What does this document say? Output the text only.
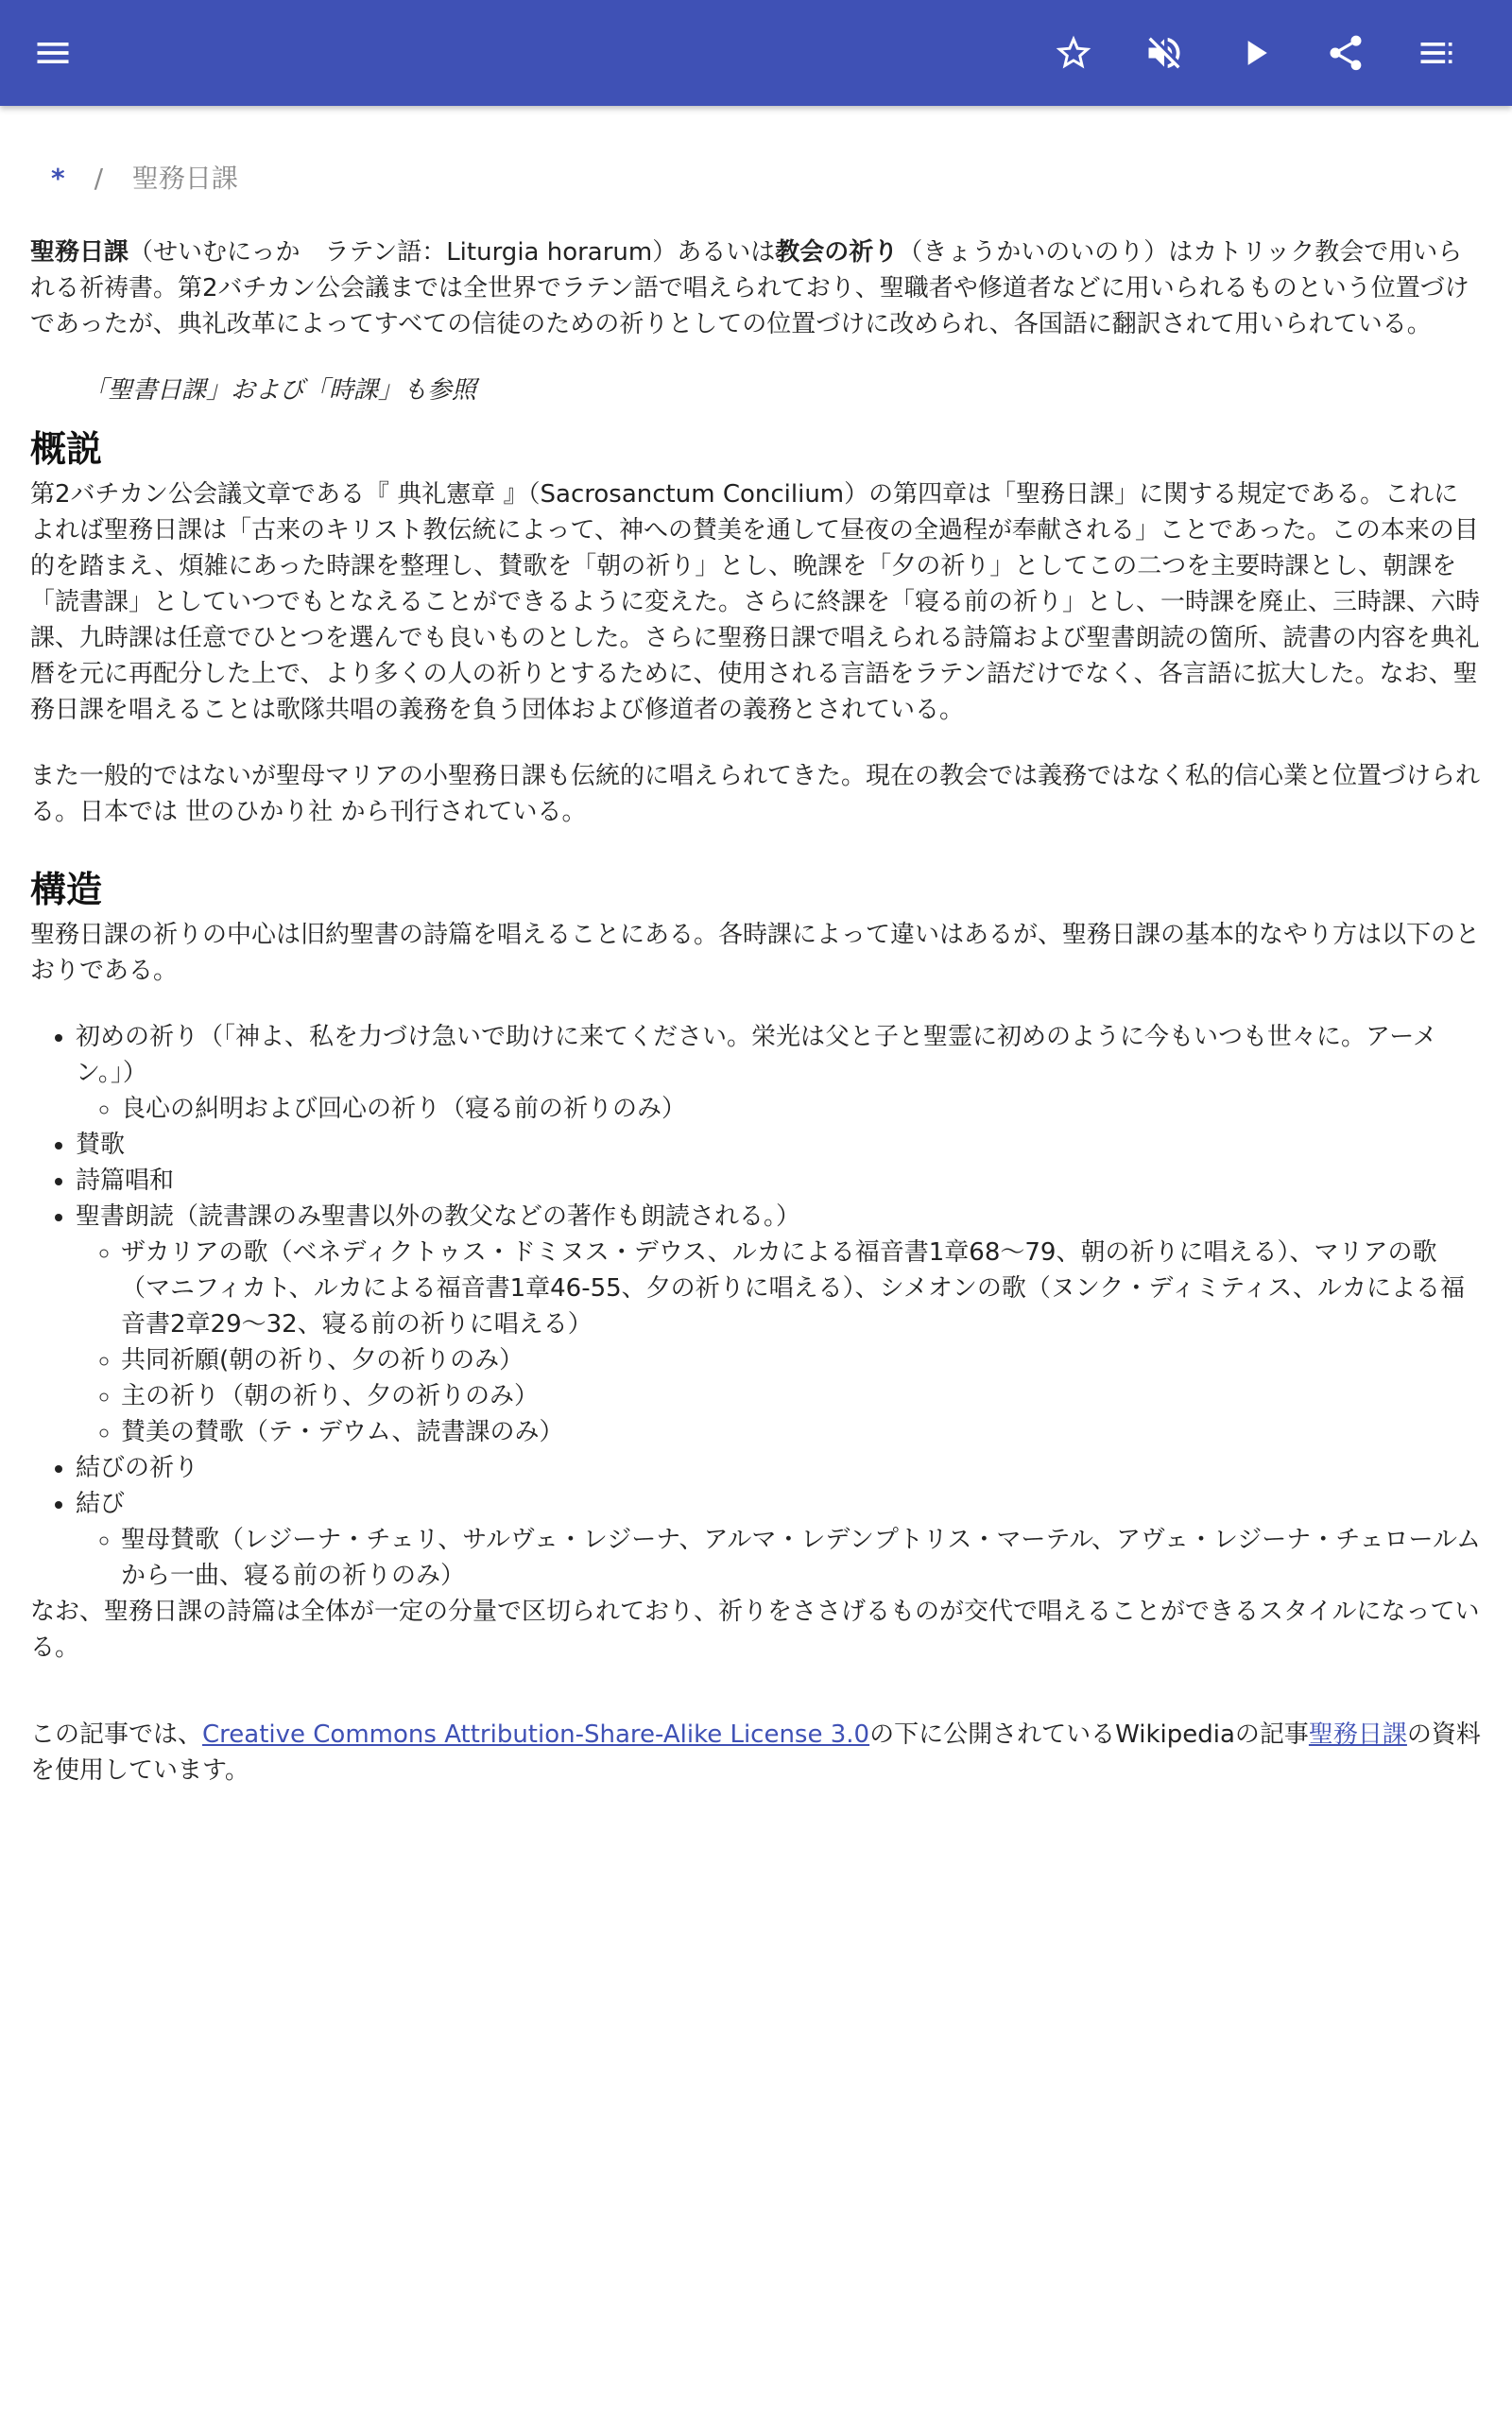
* / 聖務日課

聖務日課（せいむにっか　ラテン語：Liturgia horarum）あるいは教会の祈り（きょうかいのいのり）はカトリック教会で用いられる祈祷書。第2バチカン公会議までは全世界でラテン語で唱えられており、聖職者や修道者などに用いられるものという位置づけであったが、典礼改革によってすべての信徒のための祈りとしての位置づけに改められ、各国語に翻訳されて用いられている。

「聖書日課」および「時課」も参照
概説

第2バチカン公会議文章である『 典礼憲章 』（Sacrosanctum Concilium）の第四章は「聖務日課」に関する規定である。これによれば聖務日課は「古来のキリスト教伝統によって、神への賛美を通して昼夜の全過程が奉献される」ことであった。この本来の目的を踏まえ、煩雑にあった時課を整理し、賛歌を「朝の祈り」とし、晩課を「夕の祈り」としてこの二つを主要時課とし、朝課を「読書課」としていつでもとなえることができるように変えた。さらに終課を「寝る前の祈り」とし、一時課を廃止、三時課、六時課、九時課は任意でひとつを選んでも良いものとした。さらに聖務日課で唱えられる詩篇および聖書朗読の箇所、読書の内容を典礼暦を元に再配分した上で、より多くの人の祈りとするために、使用される言語をラテン語だけでなく、各言語に拡大した。なお、聖務日課を唱えることは歌隊共唱の義務を負う団体および修道者の義務とされている。

また一般的ではないが聖母マリアの小聖務日課も伝統的に唱えられてきた。現在の教会では義務ではなく私的信心業と位置づけられる。日本では 世のひかり社 から刊行されている。

構造

聖務日課の祈りの中心は旧約聖書の詩篇を唱えることにある。各時課によって違いはあるが、聖務日課の基本的なやり方は以下のとおりである。

• 初めの祈り（「神よ、私を力づけ急いで助けに来てください。栄光は父と子と聖霊に初めのように今もいつも世々に。アーメン。」）
◦ 良心の糾明および回心の祈り（寝る前の祈りのみ）
• 賛歌
• 詩篇唱和
• 聖書朗読（読書課のみ聖書以外の教父などの著作も朗読される。）
◦ ザカリアの歌（ベネディクトゥス・ドミヌス・デウス、ルカによる福音書1章68〜79、朝の祈りに唱える）、マリアの歌（マニフィカト、ルカによる福音書1章46-55、夕の祈りに唱える）、シメオンの歌（ヌンク・ディミティス、ルカによる福音書2章29〜32、寝る前の祈りに唱える）
◦ 共同祈願(朝の祈り、夕の祈りのみ）
◦ 主の祈り（朝の祈り、夕の祈りのみ）
◦ 賛美の賛歌（テ・デウム、読書課のみ）
• 結びの祈り
• 結び
◦ 聖母賛歌（レジーナ・チェリ、サルヴェ・レジーナ、アルマ・レデンプトリス・マーテル、アヴェ・レジーナ・チェロールムから一曲、寝る前の祈りのみ）

なお、聖務日課の詩篇は全体が一定の分量で区切られており、祈りをささげるものが交代で唱えることができるスタイルになっている。

この記事では、Creative Commons Attribution-Share-Alike License 3.0の下に公開されているWikipediaの記事聖務日課の資料を使用しています。
